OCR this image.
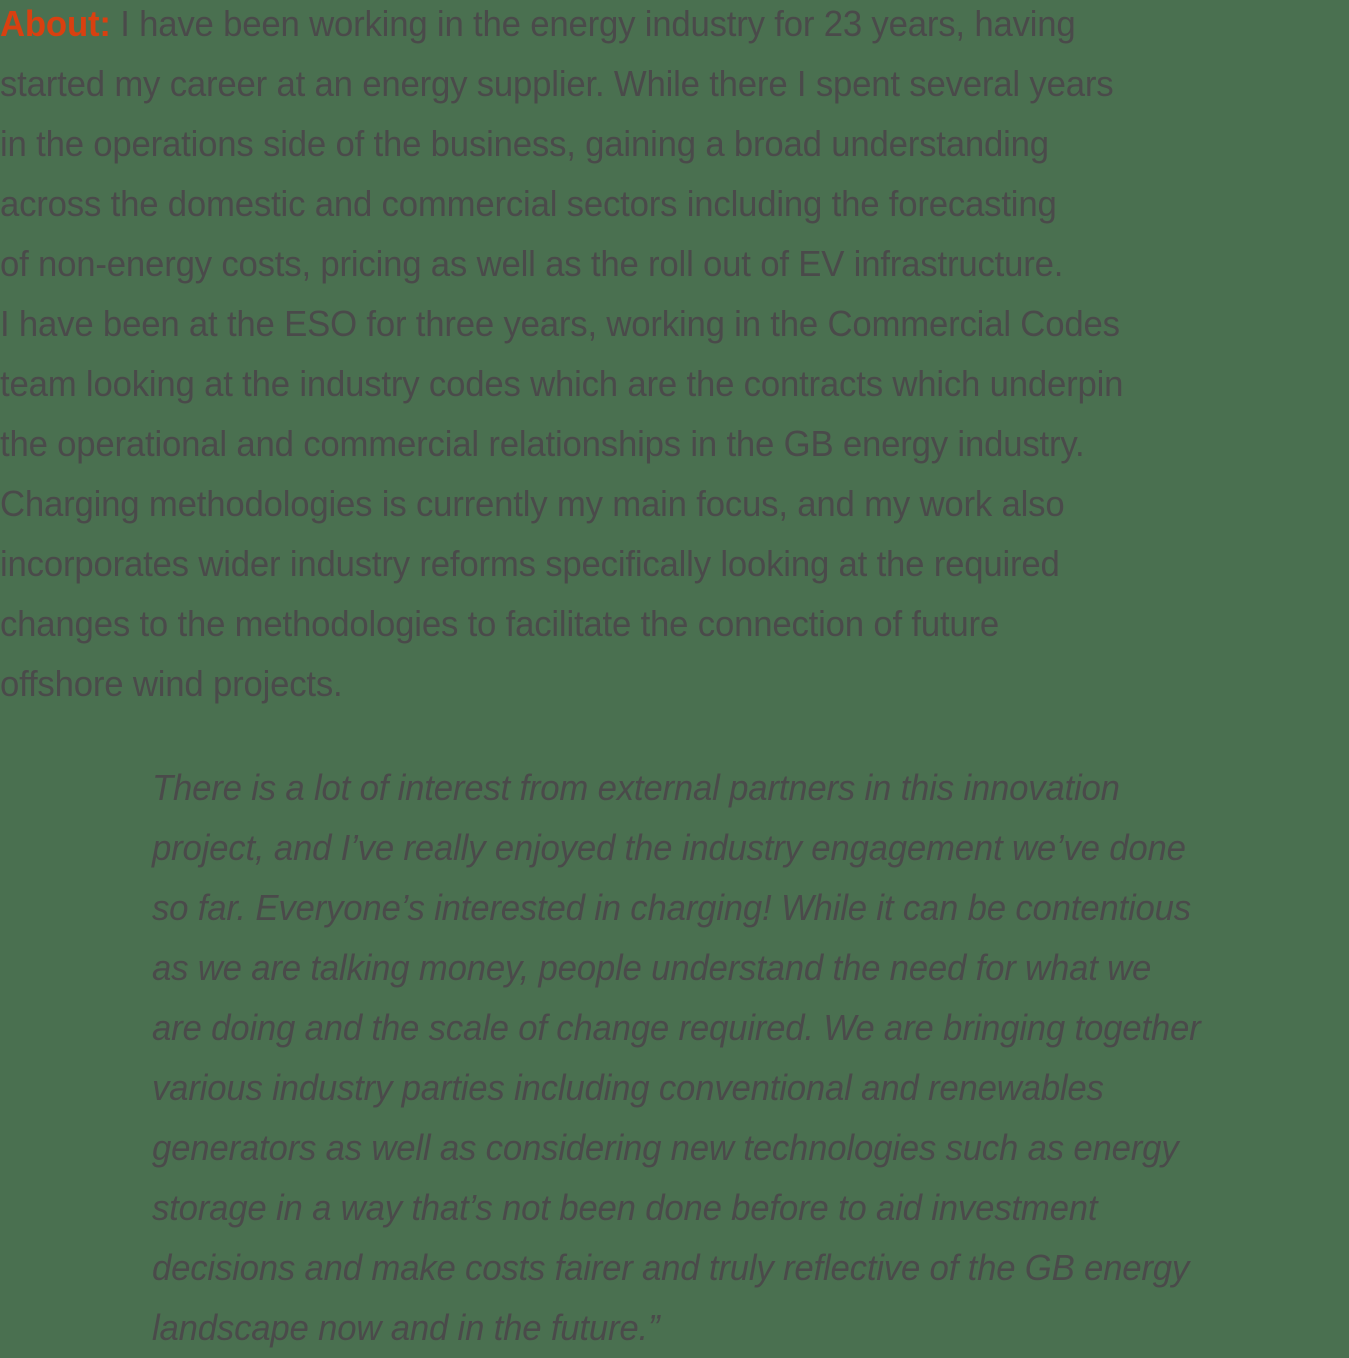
About: I have been working in the energy industry for 23 years, having
started my career at an energy supplier. While there I spent several years
in the operations side of the business, gaining a broad understanding
across the domestic and commercial sectors including the forecasting
of non-energy costs, pricing as well as the roll out of EV infrastructure.
I have been at the ESO for three years, working in the Commercial Codes
team looking at the industry codes which are the contracts which underpin
the operational and commercial relationships in the GB energy industry.
Charging methodologies is currently my main focus, and my work also
incorporates wider industry reforms specifically looking at the required
changes to the methodologies to facilitate the connection of future
offshore wind projects.
There is a lot of interest from external partners in this innovation
project, and I’ve really enjoyed the industry engagement we’ve done
so far. Everyone’s interested in charging! While it can be contentious
as we are talking money, people understand the need for what we
are doing and the scale of change required. We are bringing together
various industry parties including conventional and renewables
generators as well as considering new technologies such as energy
storage in a way that’s not been done before to aid investment
decisions and make costs fairer and truly reflective of the GB energy
landscape now and in the future.”
